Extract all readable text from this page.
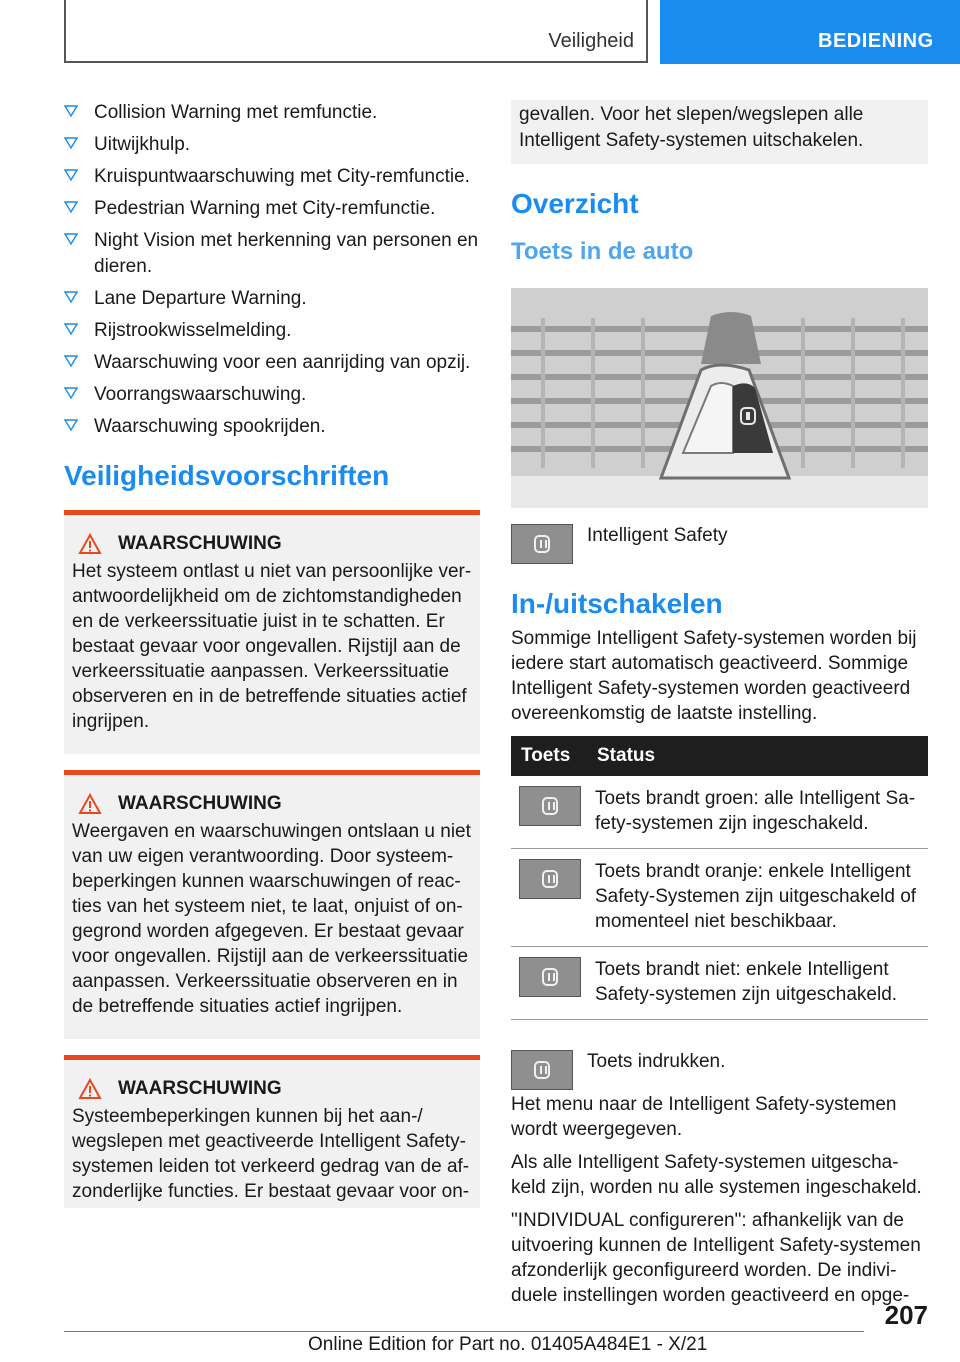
Veiligheid	BEDIENING
Collision Warning met remfunctie.
Uitwijkhulp.
Kruispuntwaarschuwing met City-remfunctie.
Pedestrian Warning met City-remfunctie.
Night Vision met herkenning van personen en dieren.
Lane Departure Warning.
Rijstrookwisselmelding.
Waarschuwing voor een aanrijding van opzij.
Voorrangswaarschuwing.
Waarschuwing spookrijden.
Veiligheidsvoorschriften
WAARSCHUWING

Het systeem ontlast u niet van persoonlijke ver-antwoordelijkheid om de zichtomstandigheden en de verkeerssituatie juist in te schatten. Er bestaat gevaar voor ongevallen. Rijstijl aan de verkeerssituatie aanpassen. Verkeerssituatie observeren en in de betreffende situaties actief ingrijpen.

WAARSCHUWING

Weergaven en waarschuwingen ontslaan u niet van uw eigen verantwoording. Door systeem-beperkingen kunnen waarschuwingen of reac-ties van het systeem niet, te laat, onjuist of on-gegrond worden afgegeven. Er bestaat gevaar voor ongevallen. Rijstijl aan de verkeerssituatie aanpassen. Verkeerssituatie observeren en in de betreffende situaties actief ingrijpen.

WAARSCHUWING

Systeembeperkingen kunnen bij het aan-/ wegslepen met geactiveerde Intelligent Safety-systemen leiden tot verkeerd gedrag van de af-zonderlijke functies. Er bestaat gevaar voor on-

gevallen. Voor het slepen/wegslepen alle Intelligent Safety-systemen uitschakelen.
Overzicht
Toets in de auto
Intelligent Safety
In-/uitschakelen

Sommige Intelligent Safety-systemen worden bij iedere start automatisch geactiveerd. Sommige Intelligent Safety-systemen worden geactiveerd overeenkomstig de laatste instelling.

Toets	Status

	Toets brandt groen: alle Intelligent Sa-fety-systemen zijn ingeschakeld.

	Toets brandt oranje: enkele Intelligent Safety-Systemen zijn uitgeschakeld of momenteel niet beschikbaar.

	Toets brandt niet: enkele Intelligent Safety-systemen zijn uitgeschakeld.
Toets indrukken.

Het menu naar de Intelligent Safety-systemen wordt weergegeven.

Als alle Intelligent Safety-systemen uitgescha-keld zijn, worden nu alle systemen ingeschakeld.

"INDIVIDUAL configureren": afhankelijk van de uitvoering kunnen de Intelligent Safety-systemen afzonderlijk geconfigureerd worden. De indivi-duele instellingen worden geactiveerd en opge-

207
Online Edition for Part no. 01405A484E1 - X/21
